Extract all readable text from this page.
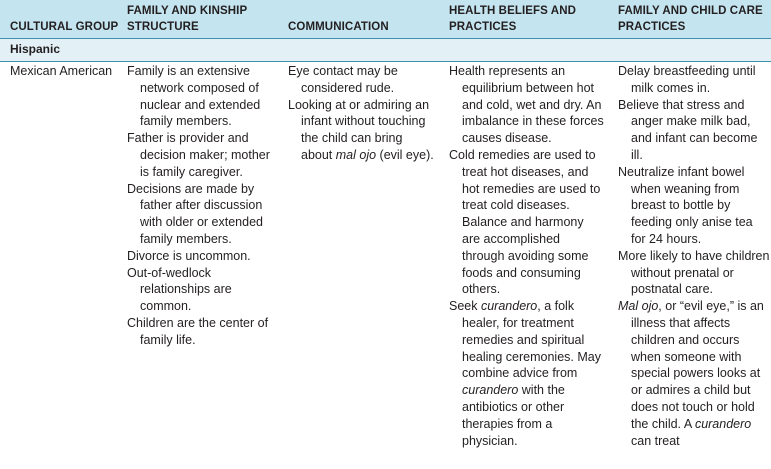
CULTURAL GROUP
FAMILY AND KINSHIP STRUCTURE	COMMUNICATION
HEALTH BELIEFS AND PRACTICES
FAMILY AND CHILD CARE PRACTICES
Hispanic
Mexican American	Family is an extensive network composed of nuclear and extended family members.

Father is provider and decision maker; mother is family caregiver.

Decisions are made by father after discussion with older or extended family members.

Divorce is uncommon.

Out-of-wedlock relationships are common.

Children are the center of family life.

Eye contact may be considered rude.

Looking at or admiring an infant without touching the child can bring about mal ojo (evil eye).

Health represents an equilibrium between hot and cold, wet and dry. An imbalance in these forces causes disease.

Cold remedies are used to treat hot diseases, and hot remedies are used to treat cold diseases. Balance and harmony are accomplished through avoiding some foods and consuming others.

Seek curandero, a folk healer, for treatment remedies and spiritual healing ceremonies. May combine advice from curandero with the antibiotics or other therapies from a physician.

Delay breastfeeding until milk comes in.

Believe that stress and anger make milk bad, and infant can become ill.

Neutralize infant bowel when weaning from breast to bottle by feeding only anise tea for 24 hours.

More likely to have children without prenatal or postnatal care.

Mal ojo, or “evil eye,” is an illness that affects children and occurs when someone with special powers looks at or admires a child but does not touch or hold the child. A curandero can treat
